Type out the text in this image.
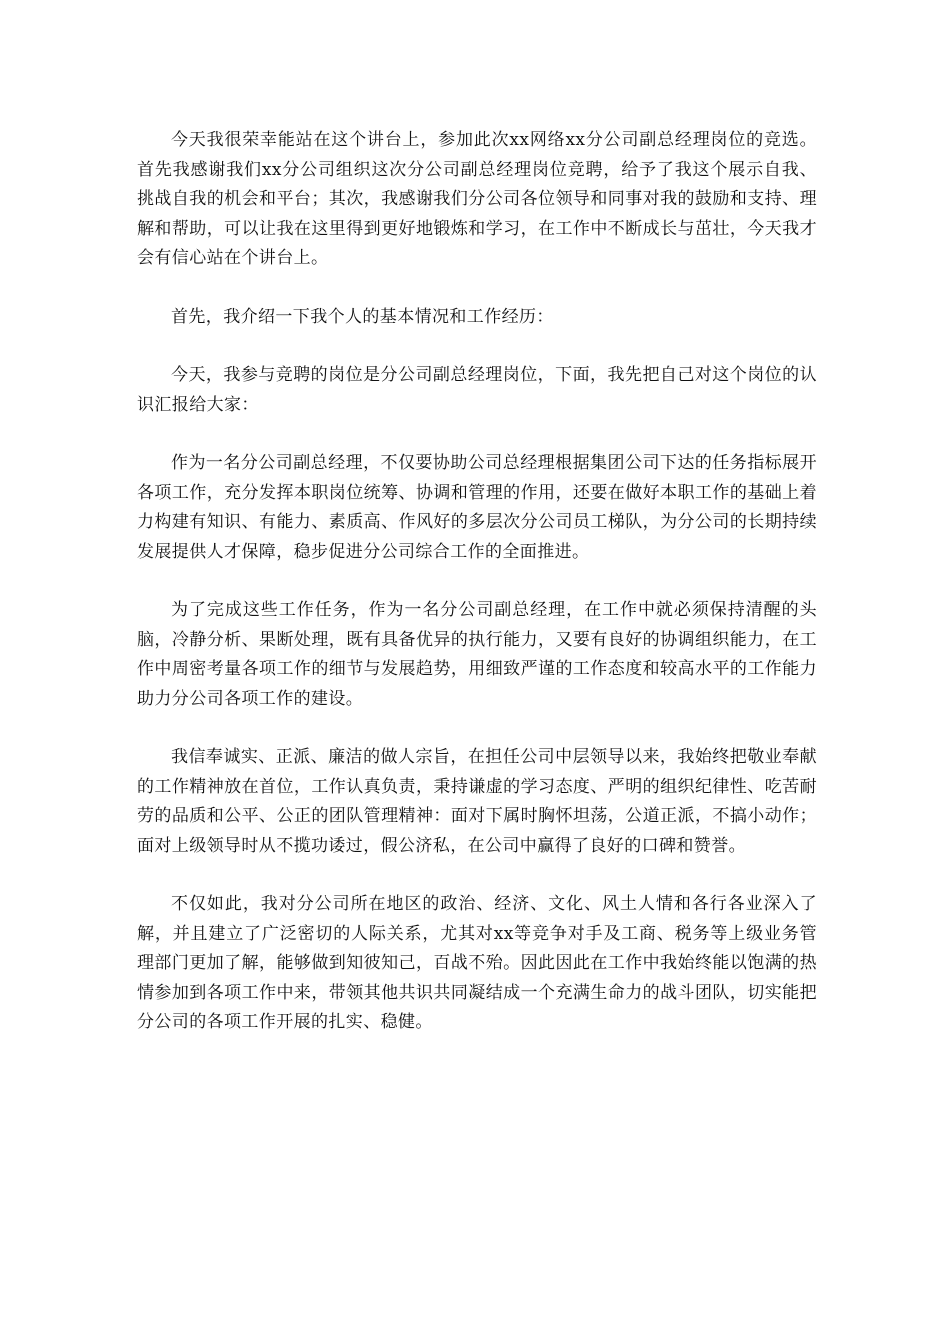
今天我很荣幸能站在这个讲台上，参加此次xx网络xx分公司副总经理岗位的竞选。首先我感谢我们xx分公司组织这次分公司副总经理岗位竞聘，给予了我这个展示自我、挑战自我的机会和平台；其次，我感谢我们分公司各位领导和同事对我的鼓励和支持、理解和帮助，可以让我在这里得到更好地锻炼和学习，在工作中不断成长与茁壮，今天我才会有信心站在个讲台上。

首先，我介绍一下我个人的基本情况和工作经历：

今天，我参与竞聘的岗位是分公司副总经理岗位，下面，我先把自己对这个岗位的认识汇报给大家：

作为一名分公司副总经理，不仅要协助公司总经理根据集团公司下达的任务指标展开各项工作，充分发挥本职岗位统筹、协调和管理的作用，还要在做好本职工作的基础上着力构建有知识、有能力、素质高、作风好的多层次分公司员工梯队，为分公司的长期持续发展提供人才保障，稳步促进分公司综合工作的全面推进。

为了完成这些工作任务，作为一名分公司副总经理，在工作中就必须保持清醒的头脑，冷静分析、果断处理，既有具备优异的执行能力，又要有良好的协调组织能力，在工作中周密考量各项工作的细节与发展趋势，用细致严谨的工作态度和较高水平的工作能力助力分公司各项工作的建设。

我信奉诚实、正派、廉洁的做人宗旨，在担任公司中层领导以来，我始终把敬业奉献的工作精神放在首位，工作认真负责，秉持谦虚的学习态度、严明的组织纪律性、吃苦耐劳的品质和公平、公正的团队管理精神：面对下属时胸怀坦荡，公道正派，不搞小动作；面对上级领导时从不揽功诿过，假公济私，在公司中赢得了良好的口碑和赞誉。

不仅如此，我对分公司所在地区的政治、经济、文化、风土人情和各行各业深入了解，并且建立了广泛密切的人际关系，尤其对xx等竞争对手及工商、税务等上级业务管理部门更加了解，能够做到知彼知己，百战不殆。因此因此在工作中我始终能以饱满的热情参加到各项工作中来，带领其他共识共同凝结成一个充满生命力的战斗团队，切实能把分公司的各项工作开展的扎实、稳健。
